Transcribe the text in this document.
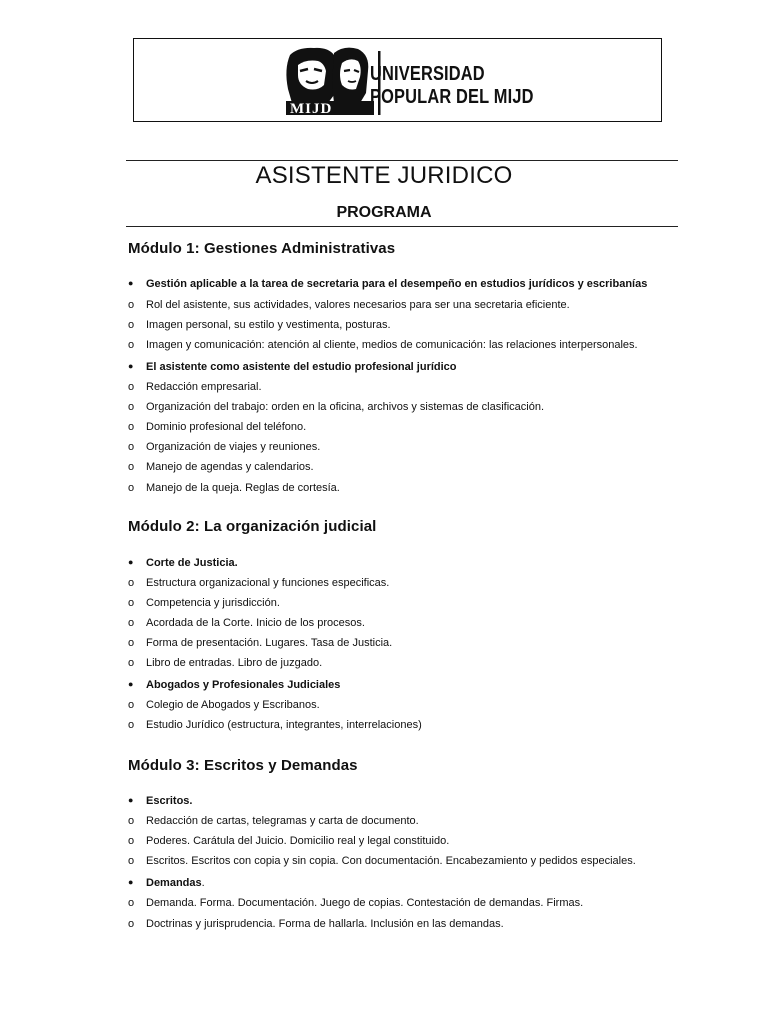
MIJD
UNIVERSIDAD
POPULAR DEL MIJD
ASISTENTE JURIDICO
PROGRAMA
Módulo 1: Gestiones Administrativas
● Gestión aplicable a la tarea de secretaria para el desempeño en estudios jurídicos y escribanías
o Rol del asistente, sus actividades, valores necesarios para ser una secretaria eficiente.
o Imagen personal, su estilo y vestimenta, posturas.
o Imagen y comunicación: atención al cliente, medios de comunicación: las relaciones interpersonales.
● El asistente como asistente del estudio profesional jurídico
o Redacción empresarial.
o Organización del trabajo: orden en la oficina, archivos y sistemas de clasificación.
o Dominio profesional del teléfono.
o Organización de viajes y reuniones.
o Manejo de agendas y calendarios.
o Manejo de la queja. Reglas de cortesía.
Módulo 2: La organización judicial
● Corte de Justicia.
o Estructura organizacional y funciones especificas.
o Competencia y jurisdicción.
o Acordada de la Corte. Inicio de los procesos.
o Forma de presentación. Lugares. Tasa de Justicia.
o Libro de entradas. Libro de juzgado.
● Abogados y Profesionales Judiciales
o Colegio de Abogados y Escribanos.
o Estudio Jurídico (estructura, integrantes, interrelaciones)
Módulo 3: Escritos y Demandas
● Escritos.
o Redacción de cartas, telegramas y carta de documento.
o Poderes. Carátula del Juicio. Domicilio real y legal constituido.
o Escritos. Escritos con copia y sin copia. Con documentación. Encabezamiento y pedidos especiales.
● Demandas.
o Demanda. Forma. Documentación. Juego de copias. Contestación de demandas. Firmas.
o Doctrinas y jurisprudencia. Forma de hallarla. Inclusión en las demandas.
